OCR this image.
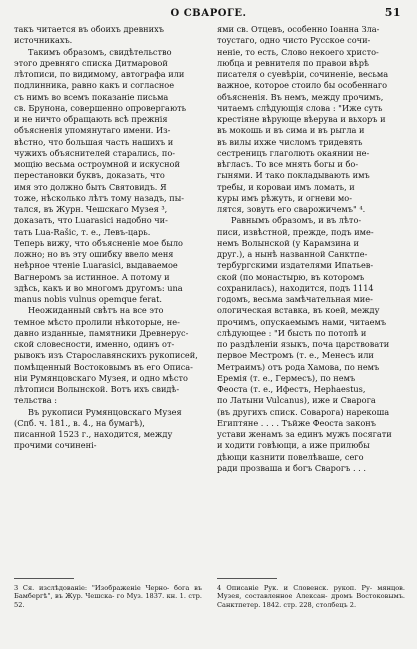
О СВАРОГЕ.	51
такъ читается въ обоихъ древнихъ
источникахъ.
Такимъ образомъ, свидѣтельство
этого древняго списка Дитмаровой
лѣтописи, по видимому, автографа или
подлинника, равно какъ и согласное
съ нимъ во всемъ показаніе письма
св. Брунона, совершенно опровергають
и не ничто обращають всѣ прежнія
объясненія упомянутаго имени. Из-
вѣстно, что большая часть нашихъ и
чужихъ объяснителей старались, по-
мощію весьма остроумной и искусной
перестановки буквъ, доказать, что
имя это должно быть Святовидъ. Я
тоже, нѣсколько лѣтъ тому назадъ, пы-
тался, въ Журн. Чешскаго Музея ³,
доказать, что Luarasici надобно чи-
тать Lua-Rašic, т. е., Левъ-царь.
Теперь вижу, что объясненіе мое было
ложно; но въ эту ошибку ввело меня
неѣрное чтеніе Luarasici, выдаваемое
Вагнеромъ за истинное. А потому и
здѣсь, какъ и во многомъ другомъ: una
manus nobis vulnus opemque ferat.
Неожиданный свѣтъ на все это
темное мѣсто пролили нѣкоторые, не-
давно изданные, памятники Древнерус-
ской словесности, именно, одинъ от-
рывокъ изъ Старославянскихъ рукописей,
помѣщенный Востоковымъ въ его Описа-
ніи Румянцовскаго Музея, и одно мѣсто
лѣтописи Волынской. Вотъ ихъ свидѣ-
тельства :
Въ рукописи Румянцовскаго Музея
(Спб. ч. 181., в. 4., на бумагѣ),
писанной 1523 г., находится, между
прочими сочинені-
ями св. Отцевъ, особенно Іоанна Зла-
тоустаго, одно чисто Русское сочи-
неніе, то есть, Слово некоего христо-
любца и ревнителя по правои вѣрѣ
писателя о суевѣріи, сочиненіе, весьма
важное, которое стоило бы особеннаго
объясненія. Въ немъ, между прочимъ,
читаемъ слѣдующія слова : "Иже суть
крестіяне вѣрующе вѣерува и вьхоръ и
въ мокошь и въ сима и въ рыгла и
въ вилы ихже числомъ тридевять
сестреницъ глаголють окаянии не-
вѣгласъ. То все мнять богы и бо-
гынями. И тако покладывають имъ
требы, и короваи имъ ломать, и
куры имъ рѣжуть, и огневи мо-
лятся, зовуть его сварожичемъ" ⁴.
Равнымъ образомъ, и въ лѣто-
писи, извѣстной, прежде, подъ име-
немъ Волынской (у Карамзина и
друг.), а нынѣ названной Санктпе-
тербургскими издателями Ипатьев-
ской (по монастырю, въ которомъ
сохранилась), находится, подъ 1114
годомъ, весьма замѣчательная мие-
ологическая вставка, въ коей, между
прочимъ, опускаемымъ нами, читаемъ
слѣдующее : "И бысть по потопѣ и
по раздѣленіи языкъ, поча царствовати
первое Местромъ (т. е., Менесъ или
Метраимъ) отъ рода Хамова, по немъ
Еремія (т. е., Гермесъ), по немъ
Феоста (т. е., Ифестъ, Hephaestus,
по Латыни Vulcanus), иже и Сварога
(въ другихъ списк. Соварога) нарекоша
Египтяне . . . . Тъйже Феоста законъ
устави женамъ за единъ мужъ посягати
и ходити говѣющи, а иже прилюбы
дѣющи казнити повелѣваше, сего
ради прозваша и богъ Сварогъ . . .
3 Ся. изслѣдованіе: "Изображеніе Черно- бога въ Бамбергѣ", въ Жур. Чешска- го Муз. 1837. кн. 1. стр. 52.
4 Описаніе Рук. и Словенск. рукоп. Ру- мянцов. Музея, составленное Алексан- дромъ Востоковымъ. Санктпетер. 1842. стр. 228, столбецъ 2.
